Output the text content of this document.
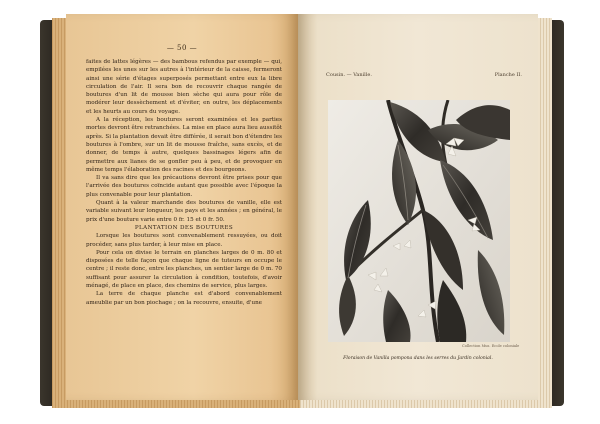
— 50 —

faites de lattes légères — des bambous refendus par exemple — qui, empilées les unes sur les autres à l'intérieur de la caisse, fermeront ainsi une série d'étages superposés permettant entre eux la libre circulation de l'air. Il sera bon de recouvrir chaque rangée de boutures d'un lit de mousse bien sèche qui aura pour rôle de modérer leur dessèchement et d'éviter, en outre, les déplacements et les heurts au cours du voyage.

A la réception, les boutures seront examinées et les parties mortes devront être retranchées. La mise en place aura lieu aussitôt après. Si la plantation devait être différée, il serait bon d'étendre les boutures à l'ombre, sur un lit de mousse fraîche, sans excès, et de donner, de temps à autre, quelques bassinages légers afin de permettre aux lianes de se gonfler peu à peu, et de provoquer en même temps l'élaboration des racines et des bourgeons.

Il va sans dire que les précautions devront être prises pour que l'arrivée des boutures coïncide autant que possible avec l'époque la plus convenable pour leur plantation.

Quant à la valeur marchande des boutures de vanille, elle est variable suivant leur longueur, les pays et les années ; en général, le prix d'une bouture varie entre 0 fr. 15 et 0 fr. 50.

PLANTATION DES BOUTURES

Lorsque les boutures sont convenablement ressuyées, ou doit procéder, sans plus tarder, à leur mise en place.

Pour cela on divise le terrain en planches larges de 0 m. 80 et disposées de telle façon que chaque ligne de tuteurs en occupe le centre ; il reste donc, entre les planches, un sentier large de 0 m. 70 suffisant pour assurer la circulation à condition, toutefois, d'avoir ménagé, de place en place, des chemins de service, plus larges.

La terre de chaque planche est d'abord convenablement ameublie par un bon piochage ; on la recouvre, ensuite, d'une

Cousin. — Vanille.	Planche II.
Collection Mus. Ecole coloniale
Floraison de Vanilla pompona dans les serres du Jardin colonial.
